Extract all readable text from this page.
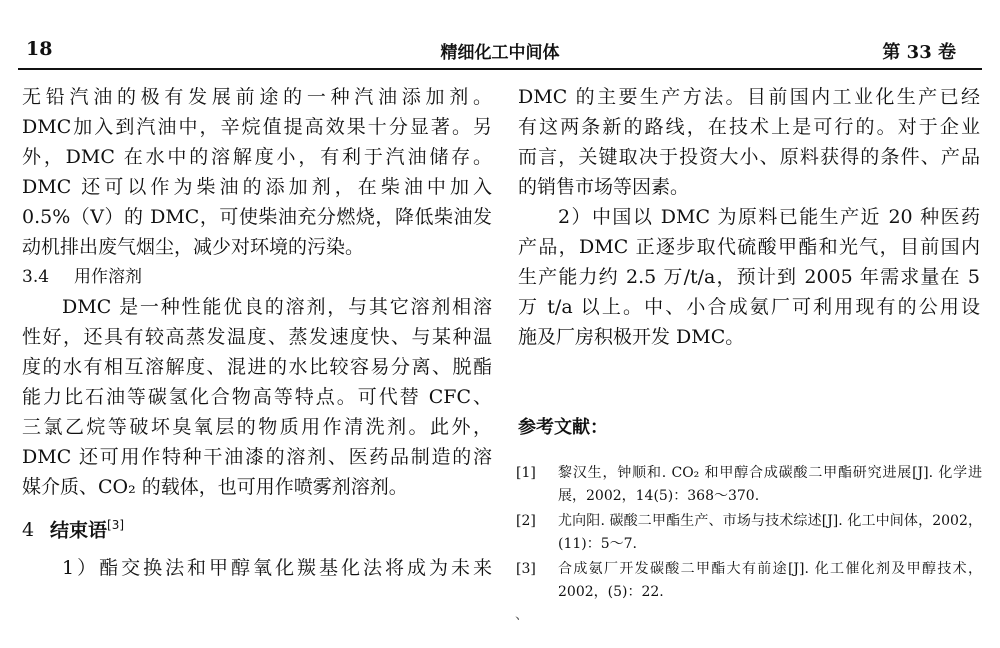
18	精细化工中间体	第 33 卷
无铅汽油的极有发展前途的一种汽油添加剂。
DMC加入到汽油中，辛烷值提高效果十分显著。另
外，DMC 在水中的溶解度小，有利于汽油储存。
DMC 还可以作为柴油的添加剂，在柴油中加入
0.5%（V）的 DMC，可使柴油充分燃烧，降低柴油发
动机排出废气烟尘，减少对环境的污染。
3.4 用作溶剂
DMC 是一种性能优良的溶剂，与其它溶剂相溶
性好，还具有较高蒸发温度、蒸发速度快、与某种温
度的水有相互溶解度、混进的水比较容易分离、脱酯
能力比石油等碳氢化合物高等特点。可代替 CFC、
三氯乙烷等破坏臭氧层的物质用作清洗剂。此外，
DMC 还可用作特种干油漆的溶剂、医药品制造的溶
媒介质、CO₂ 的载体，也可用作喷雾剂溶剂。
4 结束语[3]
1）酯交换法和甲醇氧化羰基化法将成为未来
DMC 的主要生产方法。目前国内工业化生产已经
有这两条新的路线，在技术上是可行的。对于企业
而言，关键取决于投资大小、原料获得的条件、产品
的销售市场等因素。
2）中国以 DMC 为原料已能生产近 20 种医药
产品，DMC 正逐步取代硫酸甲酯和光气，目前国内
生产能力约 2.5 万/t/a，预计到 2005 年需求量在 5
万 t/a 以上。中、小合成氨厂可利用现有的公用设
施及厂房积极开发 DMC。
参考文献：
[1] 黎汉生，钟顺和. CO₂ 和甲醇合成碳酸二甲酯研究进展[J]. 化学进展，2002，14(5)：368～370.
[2] 尤向阳. 碳酸二甲酯生产、市场与技术综述[J]. 化工中间体，2002，(11)：5～7.
[3] 合成氨厂开发碳酸二甲酯大有前途[J]. 化工催化剂及甲醇技术，2002，(5)：22.
、
